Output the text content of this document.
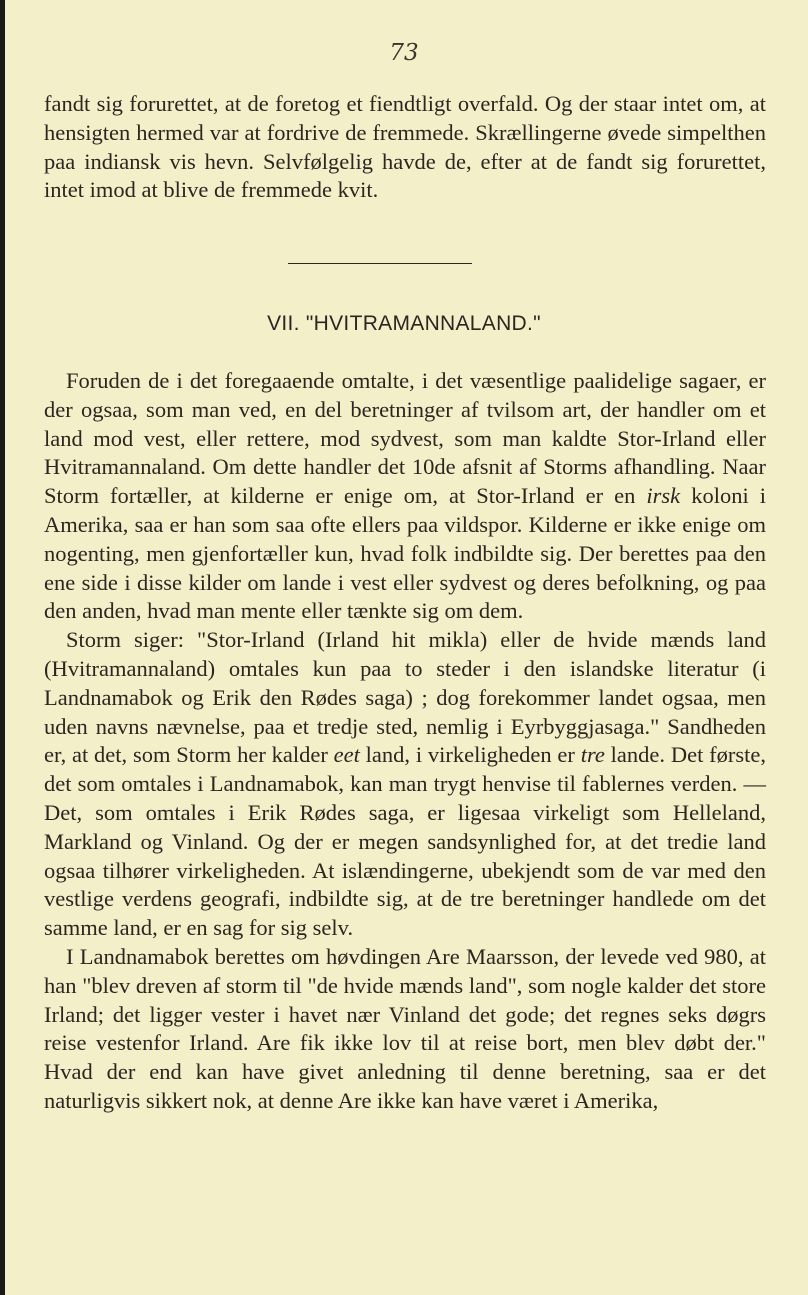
73

fandt sig forurettet, at de foretog et fiendtligt overfald. Og der staar intet om, at hensigten hermed var at fordrive de fremmede. Skrællingerne øvede simpelthen paa indiansk vis hevn. Selvfølgelig havde de, efter at de fandt sig forurettet, intet imod at blive de fremmede kvit.

VII. "HVITRAMANNALAND."

Foruden de i det foregaaende omtalte, i det væsentlige paalidelige sagaer, er der ogsaa, som man ved, en del beretninger af tvilsom art, der handler om et land mod vest, eller rettere, mod sydvest, som man kaldte Stor-Irland eller Hvitramannaland. Om dette handler det 10de afsnit af Storms afhandling. Naar Storm fortæller, at kilderne er enige om, at Stor-Irland er en irsk koloni i Amerika, saa er han som saa ofte ellers paa vildspor. Kilderne er ikke enige om nogenting, men gjenfortæller kun, hvad folk indbildte sig. Der berettes paa den ene side i disse kilder om lande i vest eller sydvest og deres befolkning, og paa den anden, hvad man mente eller tænkte sig om dem.

Storm siger: "Stor-Irland (Irland hit mikla) eller de hvide mænds land (Hvitramannaland) omtales kun paa to steder i den islandske literatur (i Landnamabok og Erik den Rødes saga) ; dog forekommer landet ogsaa, men uden navns nævnelse, paa et tredje sted, nemlig i Eyrbyggjasaga." Sandheden er, at det, som Storm her kalder eet land, i virkeligheden er tre lande. Det første, det som omtales i Landnamabok, kan man trygt henvise til fablernes verden. — Det, som omtales i Erik Rødes saga, er ligesaa virkeligt som Helleland, Markland og Vinland. Og der er megen sandsynlighed for, at det tredie land ogsaa tilhører virkeligheden. At islændingerne, ubekjendt som de var med den vestlige verdens geografi, indbildte sig, at de tre beretninger handlede om det samme land, er en sag for sig selv.

I Landnamabok berettes om høvdingen Are Maarsson, der levede ved 980, at han "blev dreven af storm til "de hvide mænds land", som nogle kalder det store Irland; det ligger vester i havet nær Vinland det gode; det regnes seks døgrs reise vestenfor Irland. Are fik ikke lov til at reise bort, men blev døbt der." Hvad der end kan have givet anledning til denne beretning, saa er det naturligvis sikkert nok, at denne Are ikke kan have været i Amerika,
